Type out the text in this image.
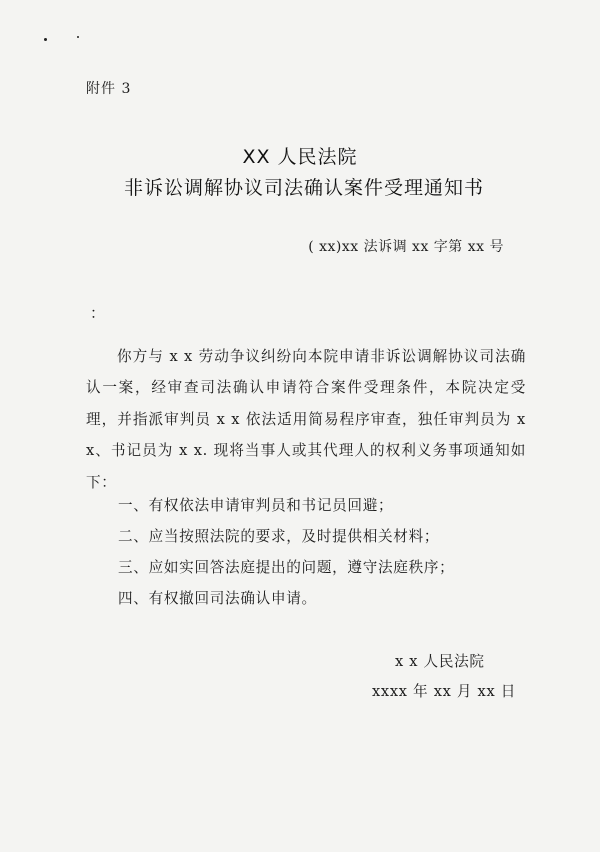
附件 3
XX 人民法院
非诉讼调解协议司法确认案件受理通知书
( xx)xx 法诉调 xx 字第 xx 号
：

你方与 x x 劳动争议纠纷向本院申请非诉讼调解协议司法确认一案，经审查司法确认申请符合案件受理条件，本院决定受理，并指派审判员 x x 依法适用简易程序审查，独任审判员为 x x、书记员为 x x. 现将当事人或其代理人的权利义务事项通知如下：

一、有权依法申请审判员和书记员回避；
二、应当按照法院的要求，及时提供相关材料；
三、应如实回答法庭提出的问题，遵守法庭秩序；
四、有权撤回司法确认申请。
x x 人民法院
xxxx 年 xx 月 xx 日
